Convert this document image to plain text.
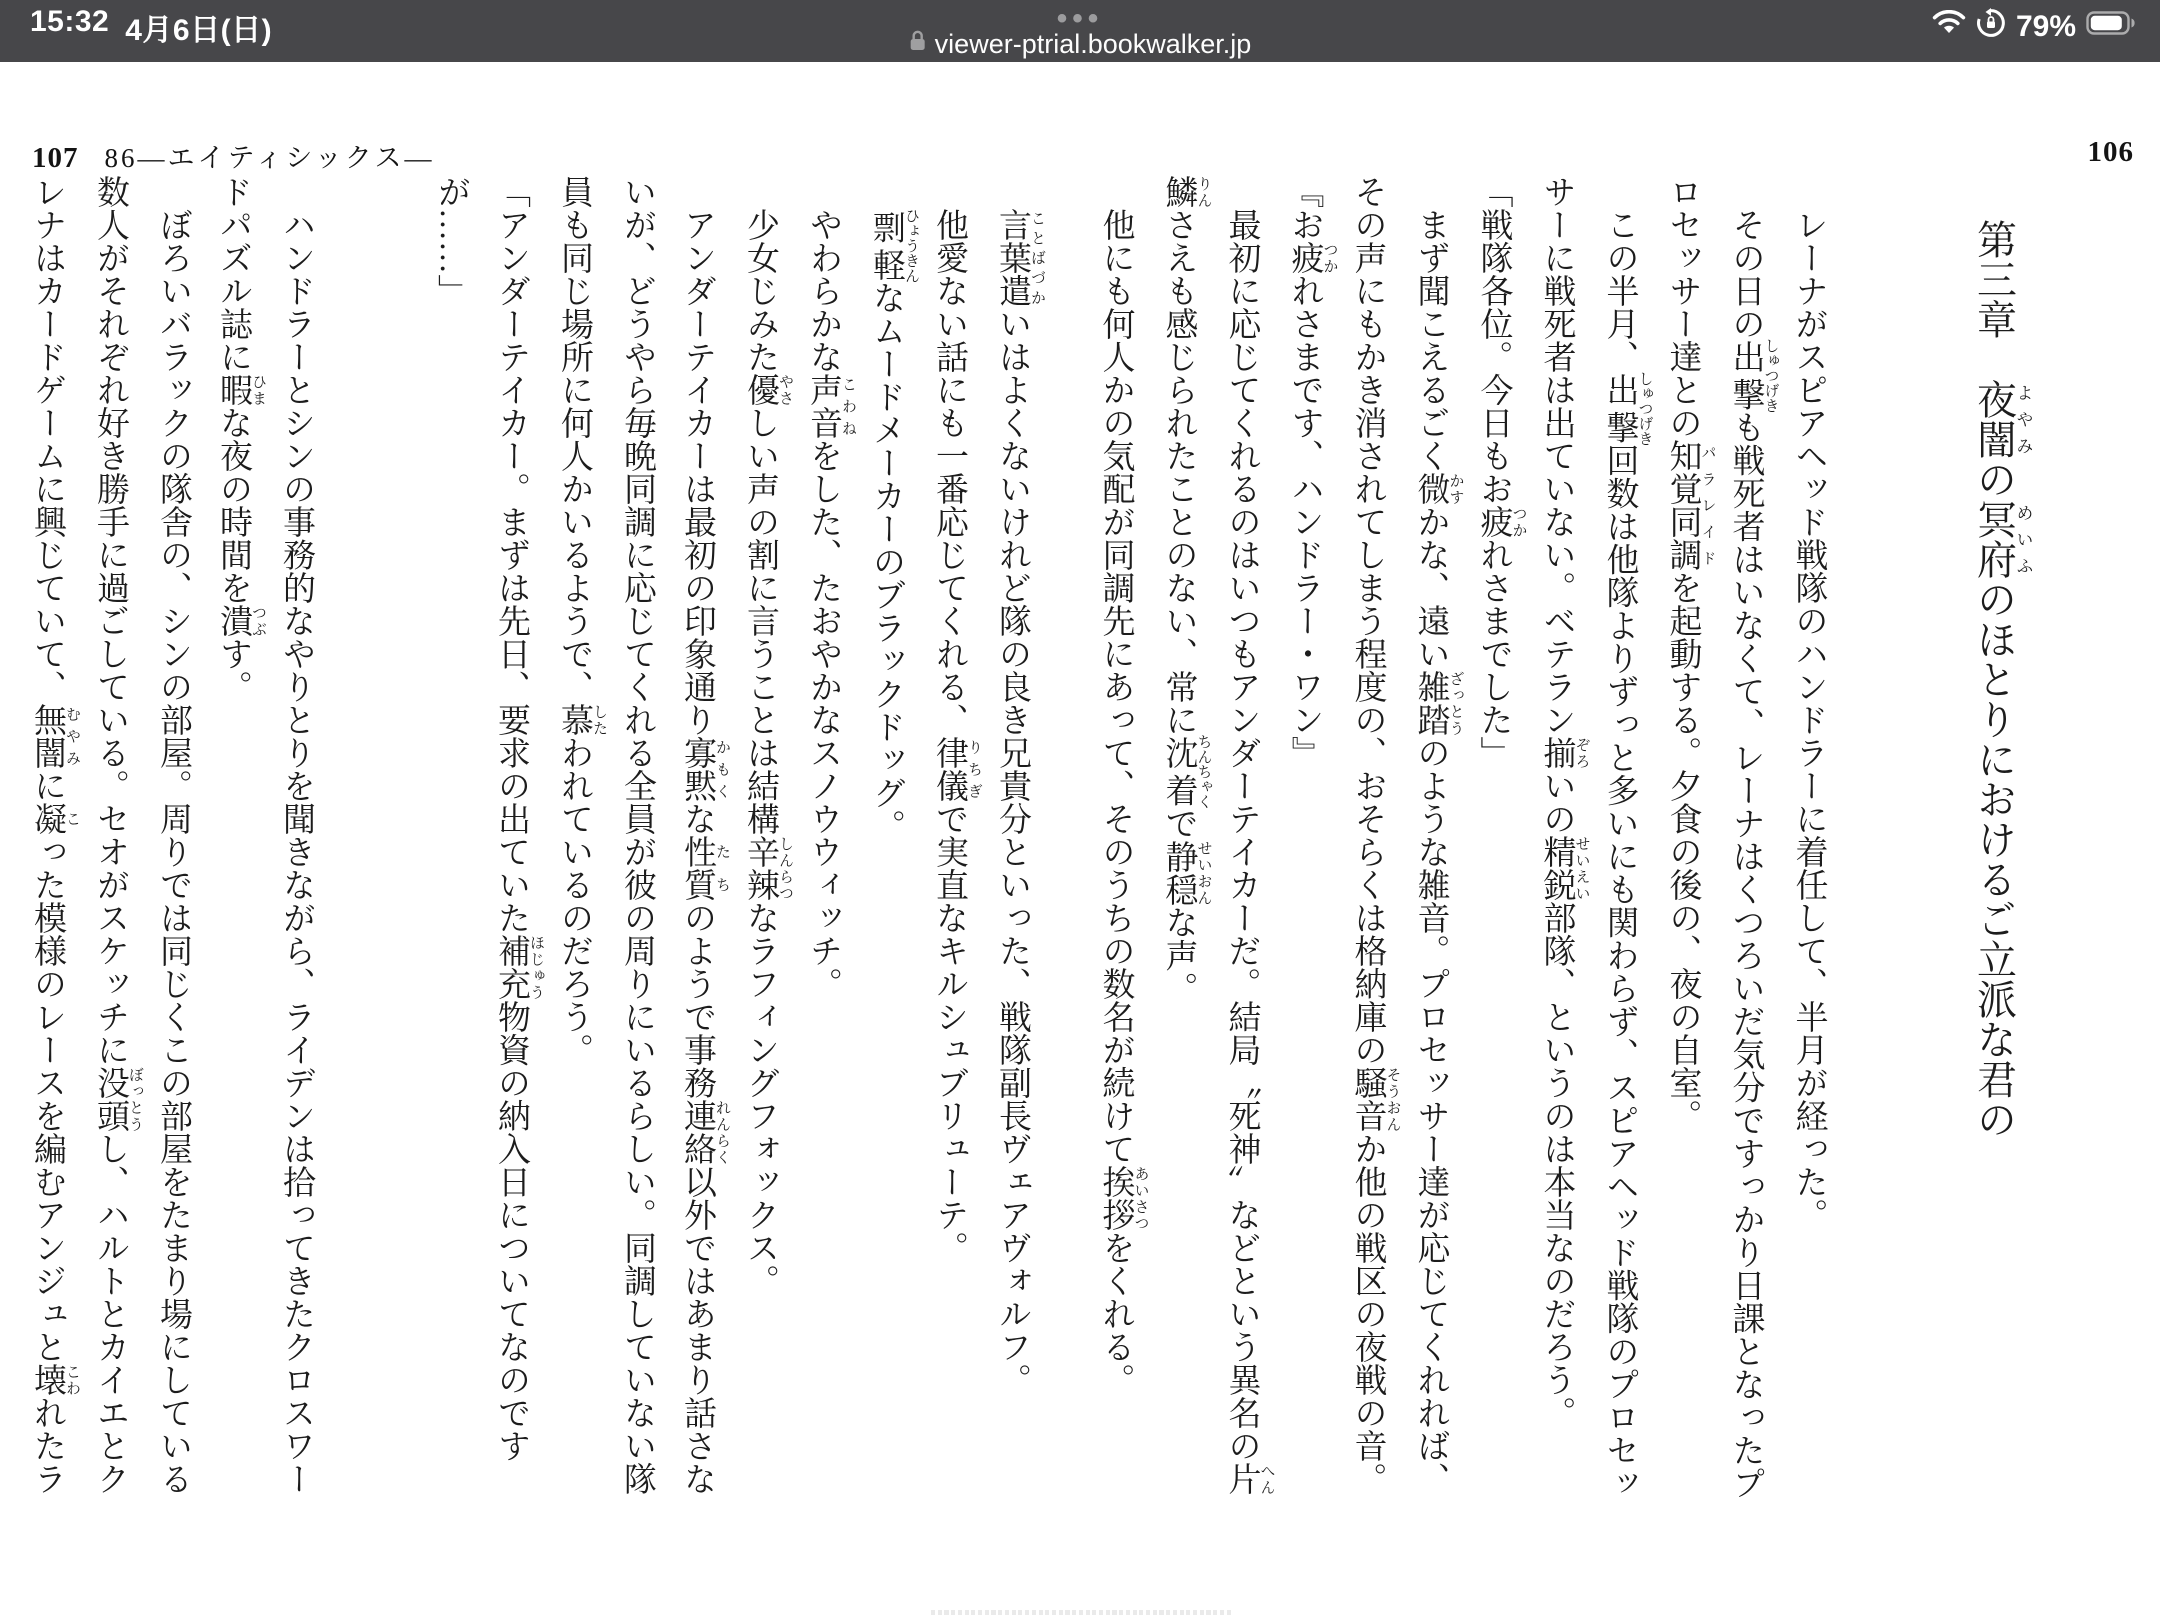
15:32 4月6日(日)	•••	79%
viewer-ptrial.bookwalker.jp
107 86—エイティシックス—	106

第三章　夜闇よやみの冥府めいふのほとりにおけるご立派な君の

レーナがスピアヘッド戦隊のハンドラーに着任して、半月が経った。

その日の出撃 しゅつげきも戦死者はいなくて、レーナはくつろいだ気分ですっかり日課となったプ

ロセッサー達との知覚同調 パラレイドを起動する。夕食の後の、夜の自室。

この半月、出撃 しゅつげき回数は他隊よりずっと多いにも関わらず、スピアヘッド戦隊のプロセッ

サーに戦死者は出ていない。ベテラン揃 ぞろいの精鋭 せいえい部隊、というのは本当なのだろう。

「戦隊各位。今日もお疲 つかれさまでした」

まず聞こえるごく微 かすかな、遠い雑踏 ざっとうのような雑音。プロセッサー達が応じてくれれば、

その声にもかき消されてしまう程度の、おそらくは格納庫の騒音 そうおんか他の戦区の夜戦の音。

『お疲 つかれさまです、ハンドラー・ワン』

最初に応じてくれるのはいつもアンダーテイカーだ。結局〝死神〟などという異名の片 へん

鱗 りんさえも感じられたことのない、常に沈着 ちんちゃくで静穏 せいおんな声。

他にも何人かの気配が同調先にあって、そのうちの数名が続けて挨拶 あいさつをくれる。

言葉遣 ことばづかいはよくないけれど隊の良き兄貴分といった、戦隊副長ヴェアヴォルフ。

他愛ない話にも一番応じてくれる、律儀 りちぎで実直なキルシュブリューテ。

剽軽 ひょうきんなムードメーカーのブラックドッグ。

やわらかな声音 こわねをした、たおやかなスノウウィッチ。

少女じみた優 やさしい声の割に言うことは結構辛辣 しんらつなラフィングフォックス。

アンダーテイカーは最初の印象通り寡黙 かもくな性質 たちのようで事務連絡 れんらく以外ではあまり話さな

いが、どうやら毎晩同調に応じてくれる全員が彼の周りにいるらしい。同調していない隊

員も同じ場所に何人かいるようで、慕 したわれているのだろう。

「アンダーテイカー。まずは先日、要求の出ていた補充 ほじゅう物資の納入日についてなのです

が……」

ハンドラーとシンの事務的なやりとりを聞きながら、ライデンは拾ってきたクロスワー

ドパズル誌に暇 ひまな夜の時間を潰 つぶす。

ぼろいバラックの隊舎の、シンの部屋。周りでは同じくこの部屋をたまり場にしている

数人がそれぞれ好き勝手に過ごしている。セオがスケッチに没頭 ぼっとうし、ハルトとカイエとク

レナはカードゲームに興じていて、無闇 むやみに凝 こった模様のレースを編むアンジュと壊 こわれたラ
